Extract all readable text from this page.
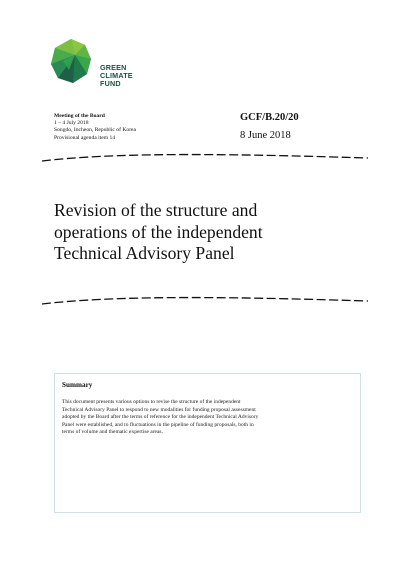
GREEN
CLIMATE
FUND
Meeting of the Board
1 – 4 July 2018
Songdo, Incheon, Republic of Korea
Provisional agenda item 14
GCF/B.20/20
8 June 2018
Revision of the structure and
operations of the independent
Technical Advisory Panel
Summary
This document presents various options to revise the structure of the independent
Technical Advisory Panel to respond to new modalities for funding proposal assessment
adopted by the Board after the terms of reference for the independent Technical Advisory
Panel were established, and to fluctuations in the pipeline of funding proposals, both in
terms of volume and thematic expertise areas.
